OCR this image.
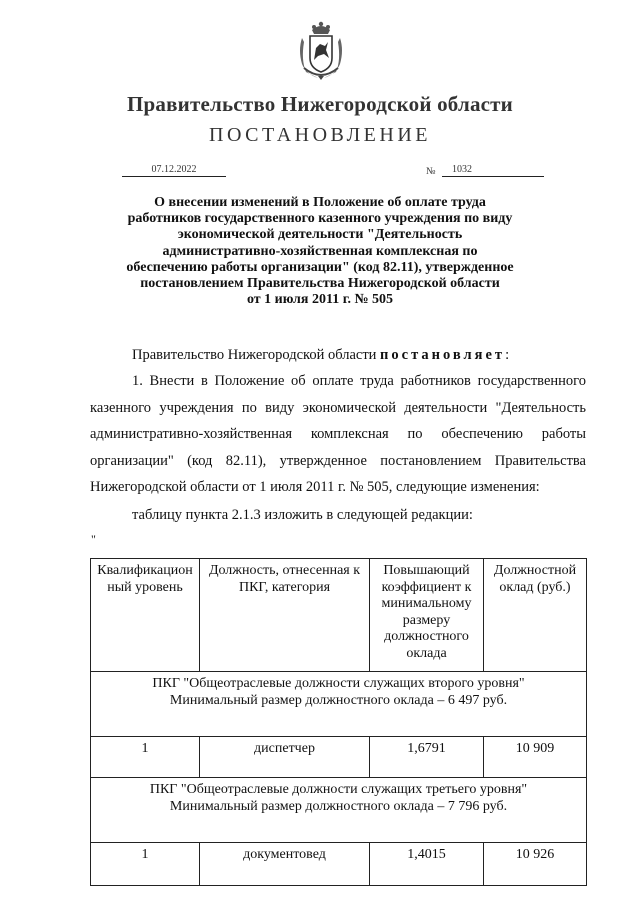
Правительство Нижегородской области
ПОСТАНОВЛЕНИЕ
07.12.2022	№	1032
О внесении изменений в Положение об оплате труда
работников государственного казенного учреждения по виду
экономической деятельности "Деятельность
административно-хозяйственная комплексная по
обеспечению работы организации" (код 82.11), утвержденное
постановлением Правительства Нижегородской области
от 1 июля 2011 г. № 505
Правительство Нижегородской области постановляет:
1. Внести в Положение об оплате труда работников государственного
казенного учреждения по виду экономической деятельности "Деятельность
административно-хозяйственная комплексная по обеспечению работы
организации" (код 82.11), утвержденное постановлением Правительства
Нижегородской области от 1 июля 2011 г. № 505, следующие изменения:
таблицу пункта 2.1.3 изложить в следующей редакции:
"
Квалификационный уровень	Должность, отнесенная к ПКГ, категория	Повышающий коэффициент к минимальному размеру должностного оклада	Должностной оклад (руб.)

ПКГ "Общеотраслевые должности служащих второго уровня"
Минимальный размер должностного оклада – 6 497 руб.			

1	диспетчер	1,6791	10 909

ПКГ "Общеотраслевые должности служащих третьего уровня"
Минимальный размер должностного оклада – 7 796 руб.			

1	документовед	1,4015	10 926
